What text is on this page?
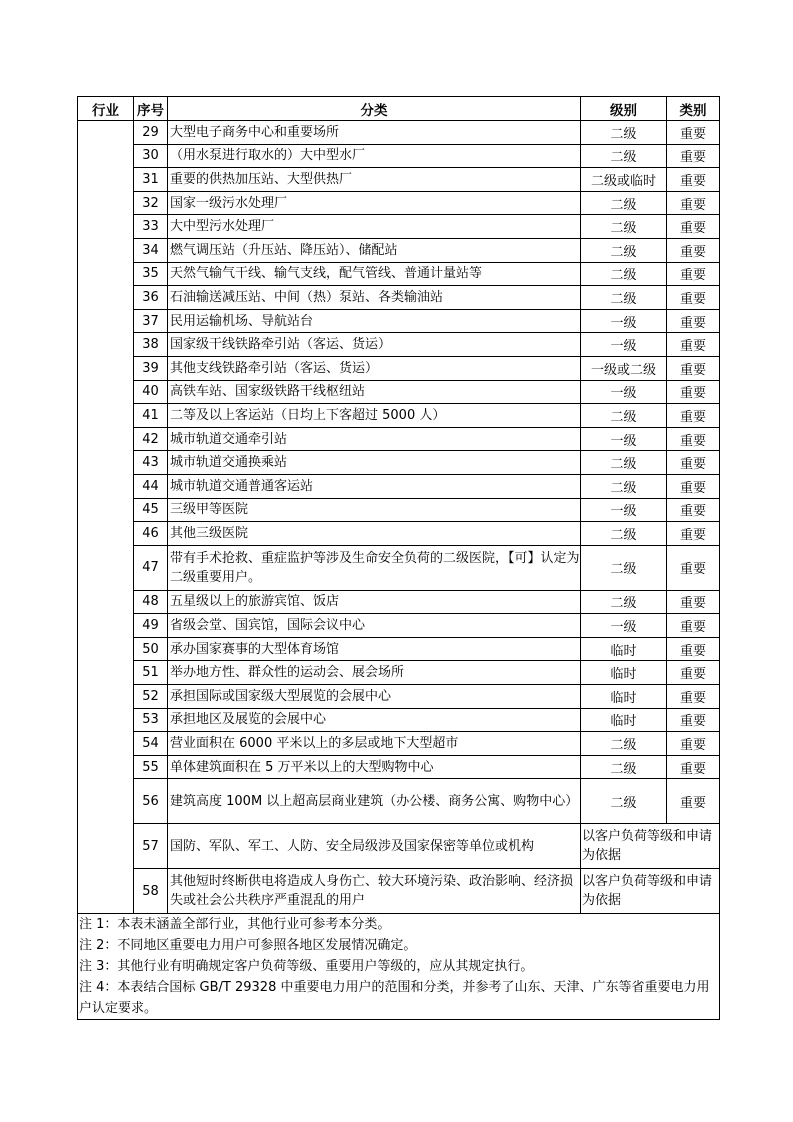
行业	序号	分类	级别	类别
	29	大型电子商务中心和重要场所	二级	重要
	30	（用水泵进行取水的）大中型水厂	二级	重要
	31	重要的供热加压站、大型供热厂	二级或临时	重要
	32	国家一级污水处理厂	二级	重要
	33	大中型污水处理厂	二级	重要
	34	燃气调压站（升压站、降压站）、储配站	二级	重要
	35	天然气输气干线、输气支线，配气管线、普通计量站等	二级	重要
	36	石油输送减压站、中间（热）泵站、各类输油站	二级	重要
	37	民用运输机场、导航站台	一级	重要
	38	国家级干线铁路牵引站（客运、货运）	一级	重要
	39	其他支线铁路牵引站（客运、货运）	一级或二级	重要
	40	高铁车站、国家级铁路干线枢纽站	一级	重要
	41	二等及以上客运站（日均上下客超过 5000 人）	二级	重要
	42	城市轨道交通牵引站	一级	重要
	43	城市轨道交通换乘站	二级	重要
	44	城市轨道交通普通客运站	二级	重要
	45	三级甲等医院	一级	重要
	46	其他三级医院	二级	重要
	47	带有手术抢救、重症监护等涉及生命安全负荷的二级医院，【可】认定为二级重要用户。	二级	重要
	48	五星级以上的旅游宾馆、饭店	二级	重要
	49	省级会堂、国宾馆，国际会议中心	一级	重要
	50	承办国家赛事的大型体育场馆	临时	重要
	51	举办地方性、群众性的运动会、展会场所	临时	重要
	52	承担国际或国家级大型展览的会展中心	临时	重要
	53	承担地区及展览的会展中心	临时	重要
	54	营业面积在 6000 平米以上的多层或地下大型超市	二级	重要
	55	单体建筑面积在 5 万平米以上的大型购物中心	二级	重要
	56	建筑高度 100M 以上超高层商业建筑（办公楼、商务公寓、购物中心）	二级	重要
	57	国防、军队、军工、人防、安全局级涉及国家保密等单位或机构	以客户负荷等级和申请为依据	
	58	其他短时终断供电将造成人身伤亡、较大环境污染、政治影响、经济损失或社会公共秩序严重混乱的用户	以客户负荷等级和申请为依据	
注 1：本表未涵盖全部行业，其他行业可参考本分类。
注 2：不同地区重要电力用户可参照各地区发展情况确定。
注 3：其他行业有明确规定客户负荷等级、重要用户等级的，应从其规定执行。
注 4：本表结合国标 GB/T 29328 中重要电力用户的范围和分类，并参考了山东、天津、广东等省重要电力用户认定要求。
